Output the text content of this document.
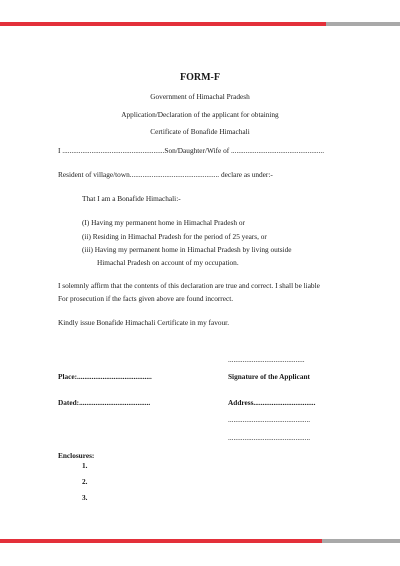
FORM-F
Government of Himachal Pradesh
Application/Declaration of the applicant for obtaining
Certificate of Bonafide Himachali
I ........................................................Son/Daughter/Wife of ...................................................
Resident of village/town................................................. declare as under:-
That I am a Bonafide Himachali:-
(I) Having my permanent home in Himachal Pradesh or
(ii) Residing in Himachal Pradesh for the period of 25 years, or
(iii) Having my permanent home in Himachal Pradesh by living outside
Himachal Pradesh on account of my occupation.
I solemnly affirm that the contents of this declaration are true and correct. I shall be liable
For prosecution if the facts given above are found incorrect.
Kindly issue Bonafide Himachali Certificate in my favour.
..........................................
Place:.........................................	Signature of the Applicant
Dated:.......................................	Address..................................
.............................................
.............................................
Enclosures:
1.
2.
3.
